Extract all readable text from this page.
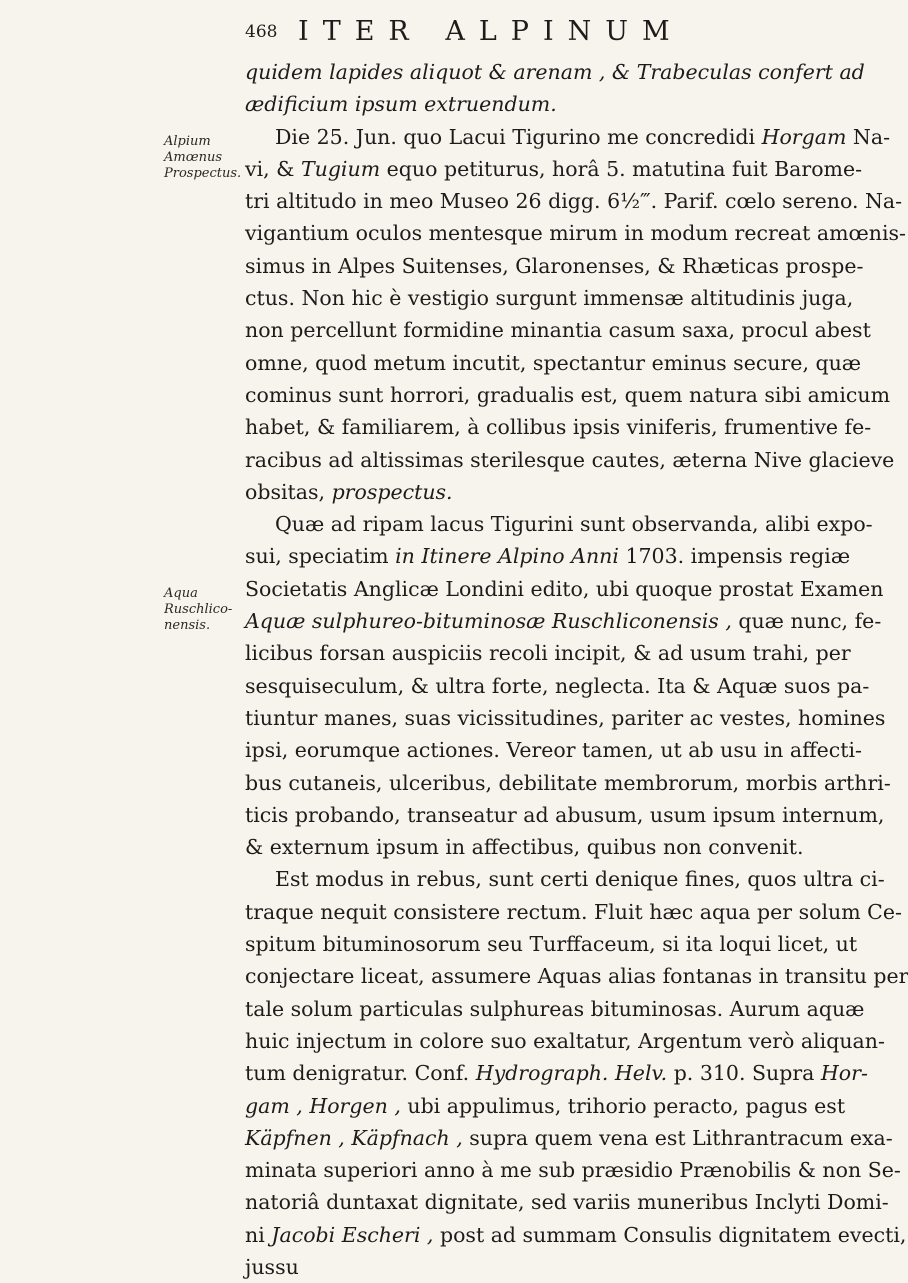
468 ITER ALPINUM
Alpium
Amœnus
Prospectus.
Aqua
Ruschlico-
nensis.
quidem lapides aliquot & arenam , & Trabeculas confert ad
ædificium ipsum extruendum.
Die 25. Jun. quo Lacui Tigurino me concredidi Horgam Na-
vi, & Tugium equo petiturus, horâ 5. matutina fuit Barome-
tri altitudo in meo Museo 26 digg. 6½‴. Parif. cœlo sereno. Na-
vigantium oculos mentesque mirum in modum recreat amœnis-
simus in Alpes Suitenses, Glaronenses, & Rhæticas prospe-
ctus. Non hic è vestigio surgunt immensæ altitudinis juga,
non percellunt formidine minantia casum saxa, procul abest
omne, quod metum incutit, spectantur eminus secure, quæ
cominus sunt horrori, gradualis est, quem natura sibi amicum
habet, & familiarem, à collibus ipsis viniferis, frumentive fe-
racibus ad altissimas sterilesque cautes, æterna Nive glacieve
obsitas, prospectus.
Quæ ad ripam lacus Tigurini sunt observanda, alibi expo-
sui, speciatim in Itinere Alpino Anni 1703. impensis regiæ
Societatis Anglicæ Londini edito, ubi quoque prostat Examen
Aquæ sulphureo-bituminosæ Ruschliconensis , quæ nunc, fe-
licibus forsan auspiciis recoli incipit, & ad usum trahi, per
sesquiseculum, & ultra forte, neglecta. Ita & Aquæ suos pa-
tiuntur manes, suas vicissitudines, pariter ac vestes, homines
ipsi, eorumque actiones. Vereor tamen, ut ab usu in affecti-
bus cutaneis, ulceribus, debilitate membrorum, morbis arthri-
ticis probando, transeatur ad abusum, usum ipsum internum,
& externum ipsum in affectibus, quibus non convenit.
Est modus in rebus, sunt certi denique fines, quos ultra ci-
traque nequit consistere rectum. Fluit hæc aqua per solum Ce-
spitum bituminosorum seu Turffaceum, si ita loqui licet, ut
conjectare liceat, assumere Aquas alias fontanas in transitu per
tale solum particulas sulphureas bituminosas. Aurum aquæ
huic injectum in colore suo exaltatur, Argentum verò aliquan-
tum denigratur. Conf. Hydrograph. Helv. p. 310. Supra Hor-
gam , Horgen , ubi appulimus, trihorio peracto, pagus est
Käpfnen , Käpfnach , supra quem vena est Lithrantracum exa-
minata superiori anno à me sub præsidio Prænobilis & non Se-
natoriâ duntaxat dignitate, sed variis muneribus Inclyti Domi-
ni Jacobi Escheri , post ad summam Consulis dignitatem evecti,
jussu
